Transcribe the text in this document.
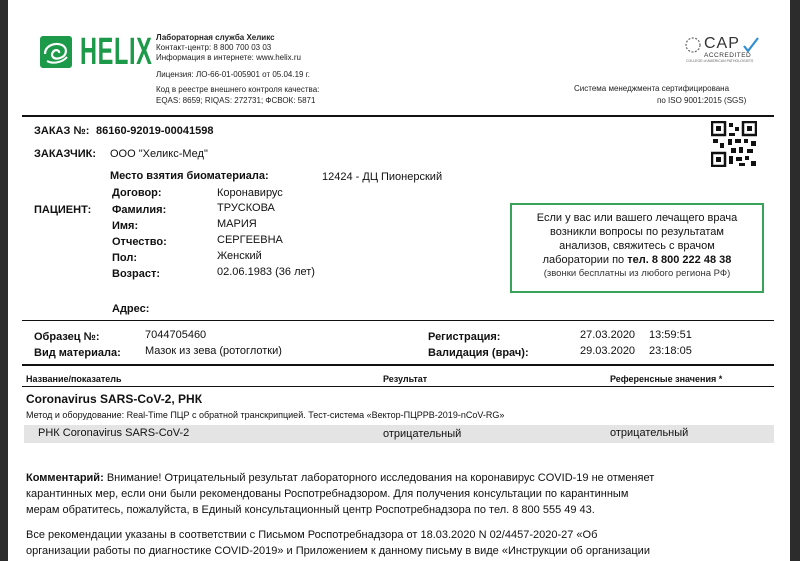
HELIX Лабораторная служба Хеликс
Контакт-центр: 8 800 700 03 03
Информация в интернете: www.helix.ru
Лицензия: ЛО-66-01-005901 от 05.04.19 г.
Код в реестре внешнего контроля качества:
EQAS: 8659; RIQAS: 272731; ФСВОК: 5871
CAP
ACCREDITED
COLLEGE of AMERICAN PATHOLOGISTS
Система менеджмента сертифицирована
по ISO 9001:2015 (SGS)
ЗАКАЗ №: 86160-92019-00041598
ЗАКАЗЧИК: ООО "Хеликс-Мед"
Место взятия биоматериала:	12424 - ДЦ Пионерский
Договор:	Коронавирус
ПАЦИЕНТ: Фамилия:	ТРУСКОВА
Имя:	МАРИЯ
Отчество:	СЕРГЕЕВНА
Пол:	Женский
Возраст:	02.06.1983 (36 лет)
Адрес:
Если у вас или вашего лечащего врача
возникли вопросы по результатам
анализов, свяжитесь с врачом
лаборатории по тел. 8 800 222 48 38
(звонки бесплатны из любого региона РФ)
Образец №:	7044705460
Вид материала: Мазок из зева (ротоглотки)
Регистрация:	27.03.2020 13:59:51
Валидация (врач):	29.03.2020 23:18:05
Название/показатель	Результат	Референсные значения *
Coronavirus SARS-CoV-2, РНК
Метод и оборудование: Real-Time ПЦР с обратной транскрипцией. Тест-система «Вектор-ПЦРРВ-2019-nCoV-RG»
РНК Coronavirus SARS-CoV-2	отрицательный	отрицательный
Комментарий: Внимание! Отрицательный результат лабораторного исследования на коронавирус COVID-19 не отменяет
карантинных мер, если они были рекомендованы Роспотребнадзором. Для получения консультации по карантинным
мерам обратитесь, пожалуйста, в Единый консультационный центр Роспотребнадзора по тел. 8 800 555 49 43.
Все рекомендации указаны в соответствии с Письмом Роспотребнадзора от 18.03.2020 N 02/4457-2020-27 «Об
организации работы по диагностике COVID-2019» и Приложением к данному письму в виде «Инструкции об организации
